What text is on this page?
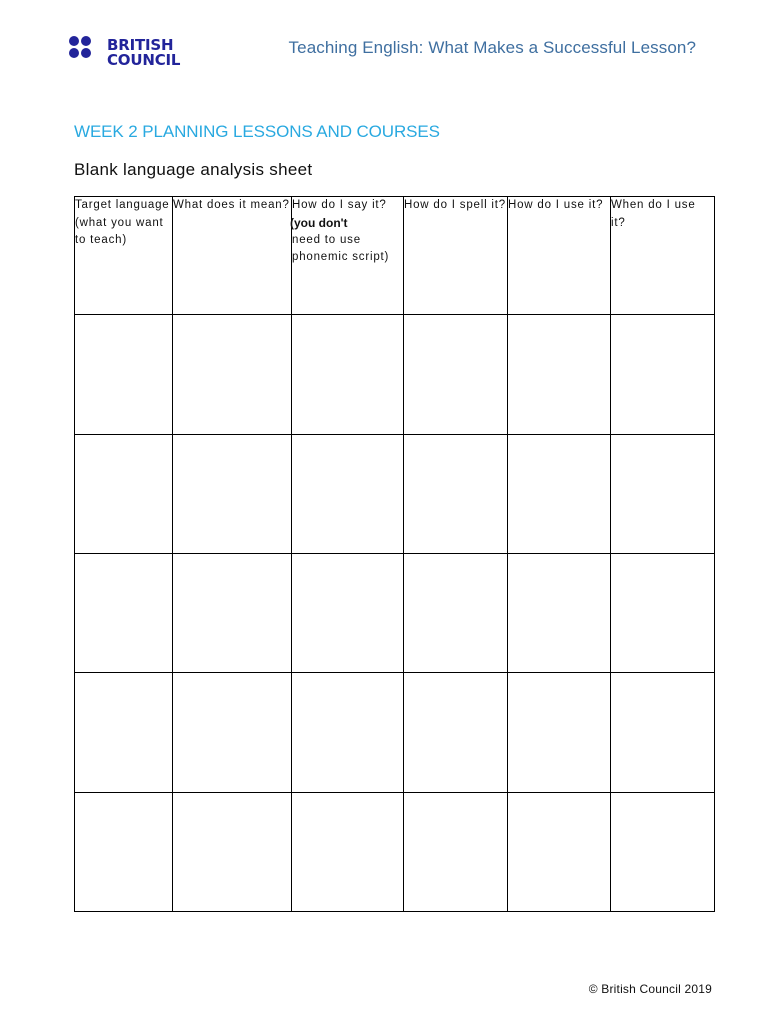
BRITISH
COUNCIL
Teaching English: What Makes a Successful Lesson?
WEEK 2 PLANNING LESSONS AND COURSES
Blank language analysis sheet
Target language (what you want to teach)	What does it mean?	How do I say it?
(you don't
need to use phonemic script)	How do I spell it?	How do I use it?	When do I use it?

© British Council 2019
